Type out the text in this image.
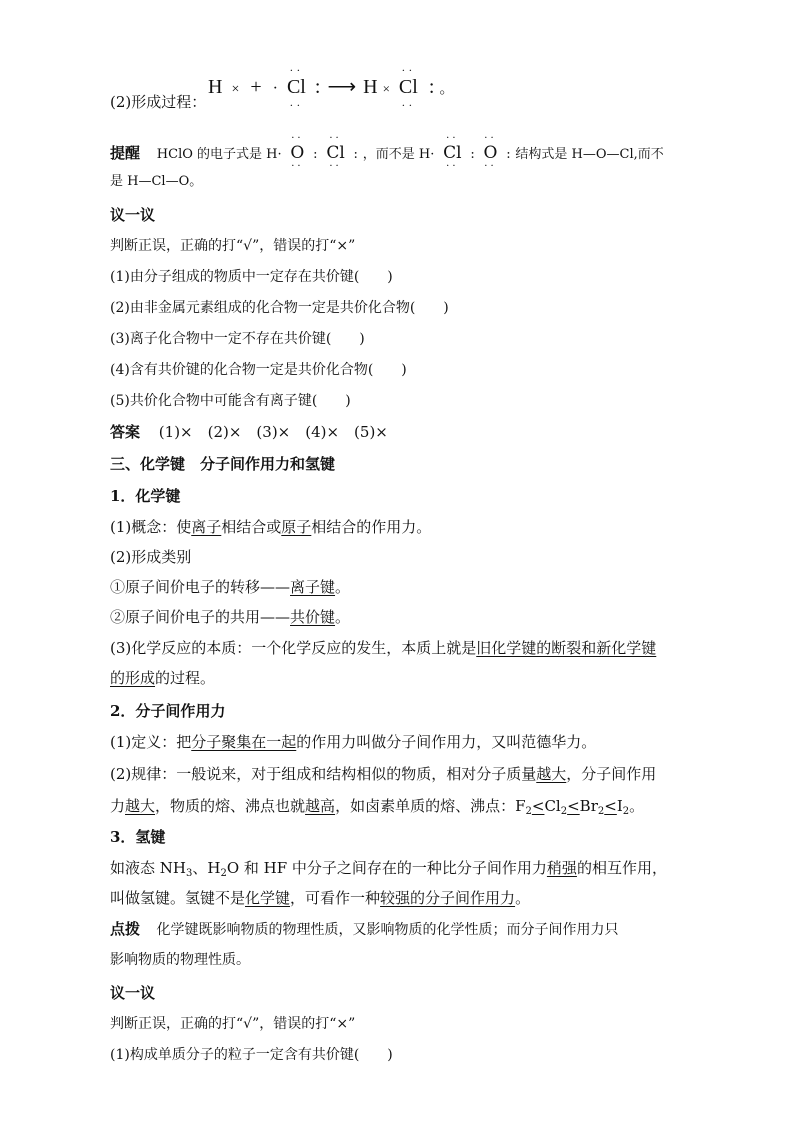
(2)形成过程：
H × + ·
··
Cl
··
: ⟶ H ×
··
Cl
··
: 。
提醒 HClO 的电子式是 H·
··
O
··
:
··
Cl
··
: ，而不是 H·
··
Cl
··
:
··
O
··
: 结构式是 H—O—Cl,而不
是 H—Cl—O。
议一议
判断正误，正确的打“√”，错误的打“×”
(1)由分子组成的物质中一定存在共价键(　　)
(2)由非金属元素组成的化合物一定是共价化合物(　　)
(3)离子化合物中一定不存在共价键(　　)
(4)含有共价键的化合物一定是共价化合物(　　)
(5)共价化合物中可能含有离子键(　　)
答案 (1)×　(2)×　(3)×　(4)×　(5)×
三、化学键　分子间作用力和氢键
1．化学键
(1)概念：使离子相结合或原子相结合的作用力。
(2)形成类别
①原子间价电子的转移——离子键。
②原子间价电子的共用——共价键。
(3)化学反应的本质：一个化学反应的发生，本质上就是旧化学键的断裂和新化学键
的形成的过程。
2．分子间作用力
(1)定义：把分子聚集在一起的作用力叫做分子间作用力，又叫范德华力。
(2)规律：一般说来，对于组成和结构相似的物质，相对分子质量越大，分子间作用
力越大，物质的熔、沸点也就越高，如卤素单质的熔、沸点：$F_2<Cl_2<Br_2<I_2$。
3．氢键
如液态 $NH_3$、$H_2O$ 和 HF 中分子之间存在的一种比分子间作用力稍强的相互作用，
叫做氢键。氢键不是化学键，可看作一种较强的分子间作用力。
点拨 化学键既影响物质的物理性质，又影响物质的化学性质；而分子间作用力只
影响物质的物理性质。
议一议
判断正误，正确的打“√”，错误的打“×”
(1)构成单质分子的粒子一定含有共价键(　　)
